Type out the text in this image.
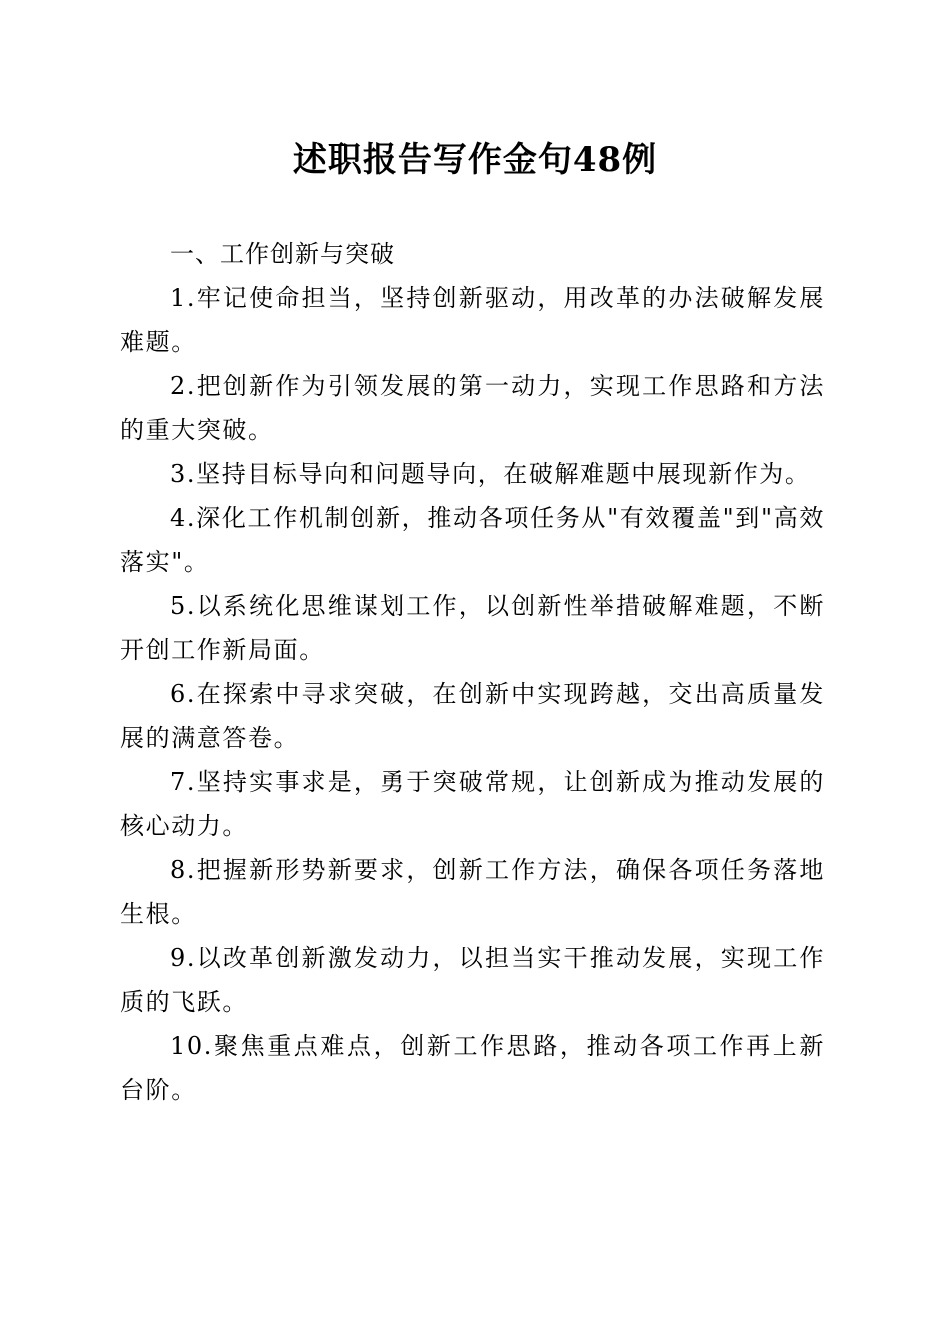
述职报告写作金句48例

一、工作创新与突破

1.牢记使命担当，坚持创新驱动，用改革的办法破解发展难题。

2.把创新作为引领发展的第一动力，实现工作思路和方法的重大突破。

3.坚持目标导向和问题导向，在破解难题中展现新作为。

4.深化工作机制创新，推动各项任务从"有效覆盖"到"高效落实"。

5.以系统化思维谋划工作，以创新性举措破解难题，不断开创工作新局面。

6.在探索中寻求突破，在创新中实现跨越，交出高质量发展的满意答卷。

7.坚持实事求是，勇于突破常规，让创新成为推动发展的核心动力。

8.把握新形势新要求，创新工作方法，确保各项任务落地生根。

9.以改革创新激发动力，以担当实干推动发展，实现工作质的飞跃。

10.聚焦重点难点，创新工作思路，推动各项工作再上新台阶。
